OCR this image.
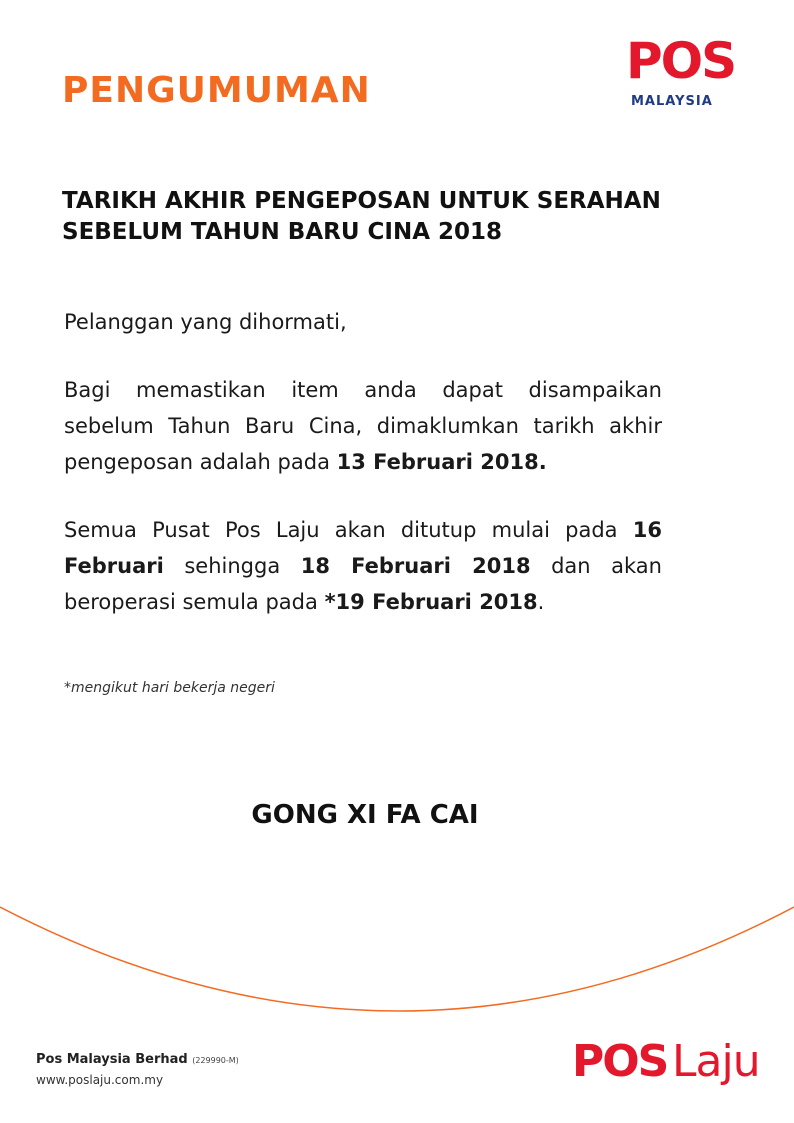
PENGUMUMAN
POS
MALAYSIA
TARIKH AKHIR PENGEPOSAN UNTUK SERAHAN
SEBELUM TAHUN BARU CINA 2018
Pelanggan yang dihormati,
Bagi memastikan item anda dapat disampaikan sebelum Tahun Baru Cina, dimaklumkan tarikh akhir pengeposan adalah pada 13 Februari 2018.
Semua Pusat Pos Laju akan ditutup mulai pada 16 Februari sehingga 18 Februari 2018 dan akan beroperasi semula pada *19 Februari 2018.
*mengikut hari bekerja negeri
GONG XI FA CAI
Pos Malaysia Berhad (229990-M)
www.poslaju.com.my	POS Laju
